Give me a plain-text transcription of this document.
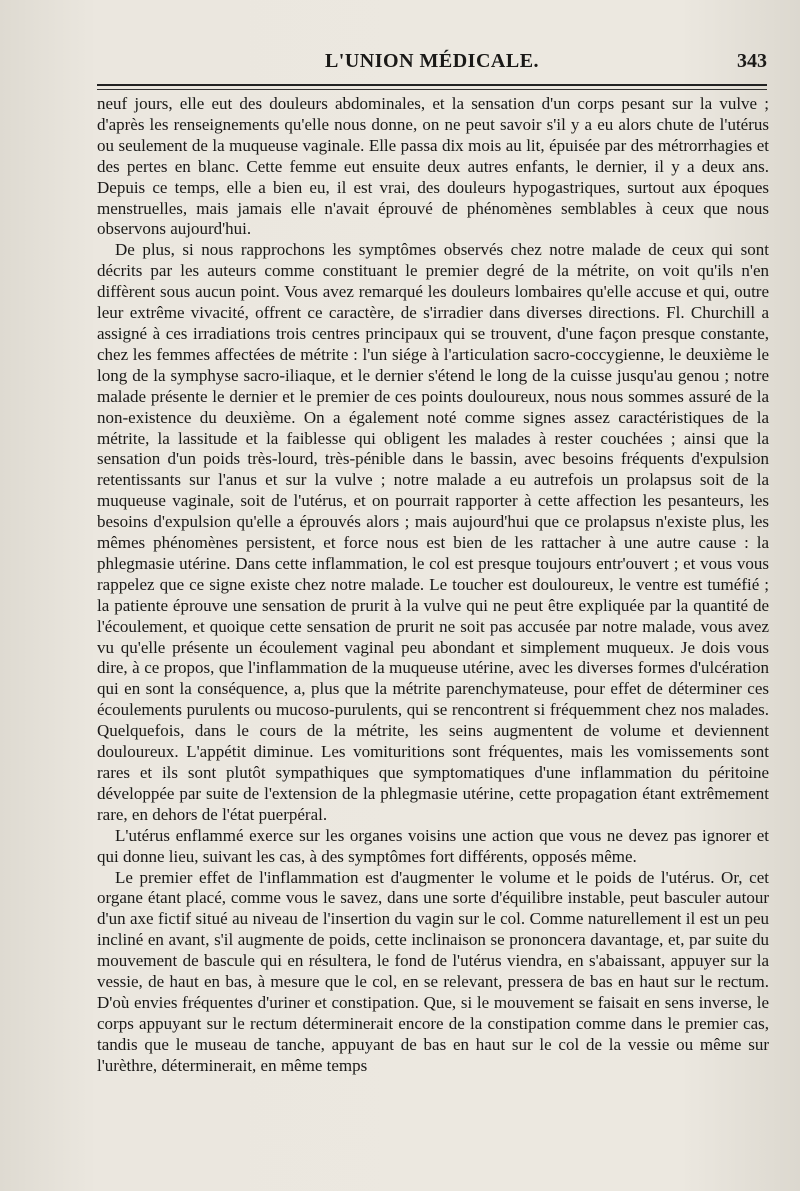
L'UNION MÉDICALE.	343

neuf jours, elle eut des douleurs abdominales, et la sensation d'un corps pesant sur la vulve ; d'après les renseignements qu'elle nous donne, on ne peut savoir s'il y a eu alors chute de l'utérus ou seulement de la muqueuse vaginale. Elle passa dix mois au lit, épuisée par des métrorrhagies et des pertes en blanc. Cette femme eut ensuite deux autres enfants, le dernier, il y a deux ans. Depuis ce temps, elle a bien eu, il est vrai, des douleurs hypogastriques, surtout aux époques menstruelles, mais jamais elle n'avait éprouvé de phénomènes semblables à ceux que nous observons aujourd'hui.

De plus, si nous rapprochons les symptômes observés chez notre malade de ceux qui sont décrits par les auteurs comme constituant le premier degré de la métrite, on voit qu'ils n'en diffèrent sous aucun point. Vous avez remarqué les douleurs lombaires qu'elle accuse et qui, outre leur extrême vivacité, offrent ce caractère, de s'irradier dans diverses directions. Fl. Churchill a assigné à ces irradiations trois centres principaux qui se trouvent, d'une façon presque constante, chez les femmes affectées de métrite : l'un siége à l'articulation sacro-coccygienne, le deuxième le long de la symphyse sacro-iliaque, et le dernier s'étend le long de la cuisse jusqu'au genou ; notre malade présente le dernier et le premier de ces points douloureux, nous nous sommes assuré de la non-existence du deuxième. On a également noté comme signes assez caractéristiques de la métrite, la lassitude et la faiblesse qui obligent les malades à rester couchées ; ainsi que la sensation d'un poids très-lourd, très-pénible dans le bassin, avec besoins fréquents d'expulsion retentissants sur l'anus et sur la vulve ; notre malade a eu autrefois un prolapsus soit de la muqueuse vaginale, soit de l'utérus, et on pourrait rapporter à cette affection les pesanteurs, les besoins d'expulsion qu'elle a éprouvés alors ; mais aujourd'hui que ce prolapsus n'existe plus, les mêmes phénomènes persistent, et force nous est bien de les rattacher à une autre cause : la phlegmasie utérine. Dans cette inflammation, le col est presque toujours entr'ouvert ; et vous vous rappelez que ce signe existe chez notre malade. Le toucher est douloureux, le ventre est tuméfié ; la patiente éprouve une sensation de prurit à la vulve qui ne peut être expliquée par la quantité de l'écoulement, et quoique cette sensation de prurit ne soit pas accusée par notre malade, vous avez vu qu'elle présente un écoulement vaginal peu abondant et simplement muqueux. Je dois vous dire, à ce propos, que l'inflammation de la muqueuse utérine, avec les diverses formes d'ulcération qui en sont la conséquence, a, plus que la métrite parenchymateuse, pour effet de déterminer ces écoulements purulents ou mucoso-purulents, qui se rencontrent si fréquemment chez nos malades. Quelquefois, dans le cours de la métrite, les seins augmentent de volume et deviennent douloureux. L'appétit diminue. Les vomituritions sont fréquentes, mais les vomissements sont rares et ils sont plutôt sympathiques que symptomatiques d'une inflammation du péritoine développée par suite de l'extension de la phlegmasie utérine, cette propagation étant extrêmement rare, en dehors de l'état puerpéral.

L'utérus enflammé exerce sur les organes voisins une action que vous ne devez pas ignorer et qui donne lieu, suivant les cas, à des symptômes fort différents, opposés même.

Le premier effet de l'inflammation est d'augmenter le volume et le poids de l'utérus. Or, cet organe étant placé, comme vous le savez, dans une sorte d'équilibre instable, peut basculer autour d'un axe fictif situé au niveau de l'insertion du vagin sur le col. Comme naturellement il est un peu incliné en avant, s'il augmente de poids, cette inclinaison se prononcera davantage, et, par suite du mouvement de bascule qui en résultera, le fond de l'utérus viendra, en s'abaissant, appuyer sur la vessie, de haut en bas, à mesure que le col, en se relevant, pressera de bas en haut sur le rectum. D'où envies fréquentes d'uriner et constipation. Que, si le mouvement se faisait en sens inverse, le corps appuyant sur le rectum déterminerait encore de la constipation comme dans le premier cas, tandis que le museau de tanche, appuyant de bas en haut sur le col de la vessie ou même sur l'urèthre, déterminerait, en même temps
